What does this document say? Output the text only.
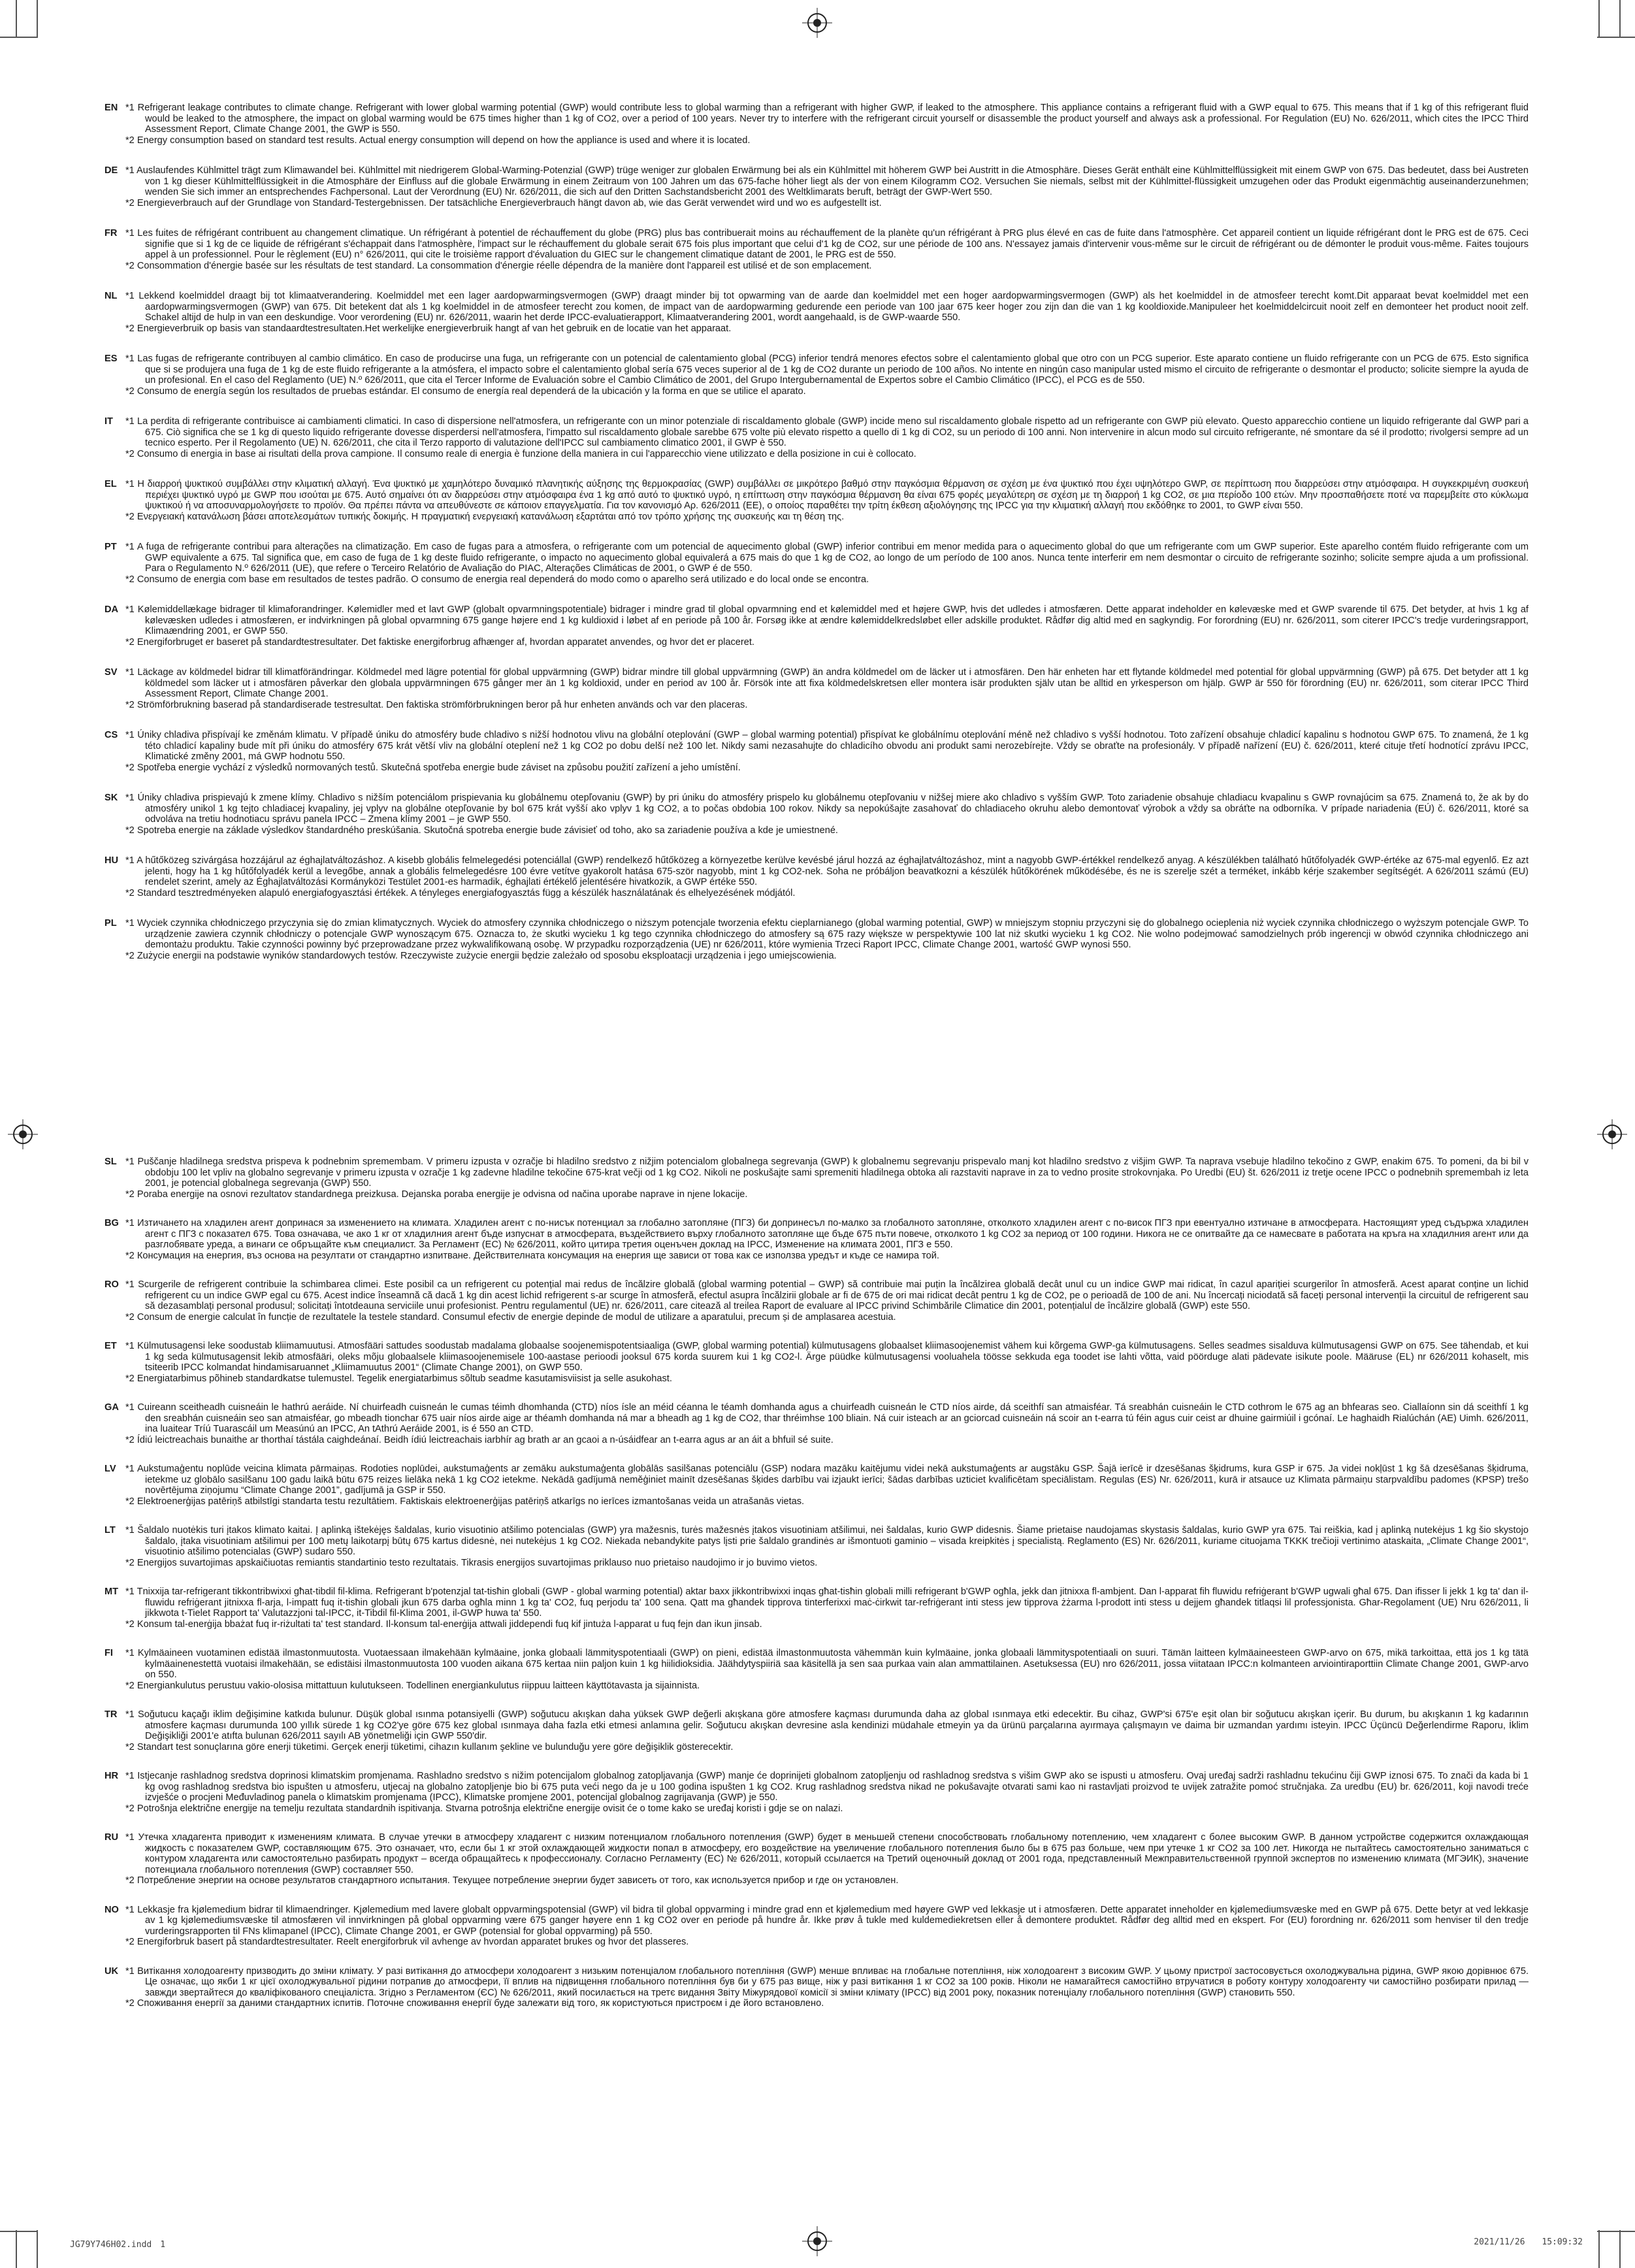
EN *1 Refrigerant leakage contributes to climate change. Refrigerant with lower global warming potential (GWP) would contribute less to global warming than a refrigerant with higher GWP, if leaked to the atmosphere. This appliance contains a refrigerant fluid with a GWP equal to 675. This means that if 1 kg of this refrigerant fluid would be leaked to the atmosphere, the impact on global warming would be 675 times higher than 1 kg of CO2, over a period of 100 years. Never try to interfere with the refrigerant circuit yourself or disassemble the product yourself and always ask a professional. For Regulation (EU) No. 626/2011, which cites the IPCC Third Assessment Report, Climate Change 2001, the GWP is 550.

*2 Energy consumption based on standard test results. Actual energy consumption will depend on how the appliance is used and where it is located.

DE *1 Auslaufendes Kühlmittel trägt zum Klimawandel bei. Kühlmittel mit niedrigerem Global-Warming-Potenzial (GWP) trüge weniger zur globalen Erwärmung bei als ein Kühlmittel mit höherem GWP bei Austritt in die Atmosphäre. Dieses Gerät enthält eine Kühlmittelflüssigkeit mit einem GWP von 675. Das bedeutet, dass bei Austreten von 1 kg dieser Kühlmittelflüssigkeit in die Atmosphäre der Einfluss auf die globale Erwärmung in einem Zeitraum von 100 Jahren um das 675-fache höher liegt als der von einem Kilogramm CO2. Versuchen Sie niemals, selbst mit der Kühlmittel-flüssigkeit umzugehen oder das Produkt eigenmächtig auseinanderzunehmen; wenden Sie sich immer an entsprechendes Fachpersonal. Laut der Verordnung (EU) Nr. 626/2011, die sich auf den Dritten Sachstandsbericht 2001 des Weltklimarats beruft, beträgt der GWP-Wert 550.

*2 Energieverbrauch auf der Grundlage von Standard-Testergebnissen. Der tatsächliche Energieverbrauch hängt davon ab, wie das Gerät verwendet wird und wo es aufgestellt ist.

FR *1 Les fuites de réfrigérant contribuent au changement climatique. Un réfrigérant à potentiel de réchauffement du globe (PRG) plus bas contribuerait moins au réchauffement de la planète qu'un réfrigérant à PRG plus élevé en cas de fuite dans l'atmosphère. Cet appareil contient un liquide réfrigérant dont le PRG est de 675. Ceci signifie que si 1 kg de ce liquide de réfrigérant s'échappait dans l'atmosphère, l'impact sur le réchauffement du globale serait 675 fois plus important que celui d'1 kg de CO2, sur une période de 100 ans. N'essayez jamais d'intervenir vous-même sur le circuit de réfrigérant ou de démonter le produit vous-même. Faites toujours appel à un professionnel. Pour le règlement (EU) n° 626/2011, qui cite le troisième rapport d'évaluation du GIEC sur le changement climatique datant de 2001, le PRG est de 550.

*2 Consommation d'énergie basée sur les résultats de test standard. La consommation d'énergie réelle dépendra de la manière dont l'appareil est utilisé et de son emplacement.

NL *1 Lekkend koelmiddel draagt bij tot klimaatverandering. Koelmiddel met een lager aardopwarmingsvermogen (GWP) draagt minder bij tot opwarming van de aarde dan koelmiddel met een hoger aardopwarmingsvermogen (GWP) als het koelmiddel in de atmosfeer terecht komt.Dit apparaat bevat koelmiddel met een aardopwarmingsvermogen (GWP) van 675. Dit betekent dat als 1 kg koelmiddel in de atmosfeer terecht zou komen, de impact van de aardopwarming gedurende een periode van 100 jaar 675 keer hoger zou zijn dan die van 1 kg kooldioxide.Manipuleer het koelmiddelcircuit nooit zelf en demonteer het product nooit zelf. Schakel altijd de hulp in van een deskundige. Voor verordening (EU) nr. 626/2011, waarin het derde IPCC-evaluatierapport, Klimaatverandering 2001, wordt aangehaald, is de GWP-waarde 550.

*2 Energieverbruik op basis van standaardtestresultaten.Het werkelijke energieverbruik hangt af van het gebruik en de locatie van het apparaat.

ES *1 Las fugas de refrigerante contribuyen al cambio climático. En caso de producirse una fuga, un refrigerante con un potencial de calentamiento global (PCG) inferior tendrá menores efectos sobre el calentamiento global que otro con un PCG superior. Este aparato contiene un fluido refrigerante con un PCG de 675. Esto significa que si se produjera una fuga de 1 kg de este fluido refrigerante a la atmósfera, el impacto sobre el calentamiento global sería 675 veces superior al de 1 kg de CO2 durante un periodo de 100 años. No intente en ningún caso manipular usted mismo el circuito de refrigerante o desmontar el producto; solicite siempre la ayuda de un profesional. En el caso del Reglamento (UE) N.º 626/2011, que cita el Tercer Informe de Evaluación sobre el Cambio Climático de 2001, del Grupo Intergubernamental de Expertos sobre el Cambio Climático (IPCC), el PCG es de 550.

*2 Consumo de energía según los resultados de pruebas estándar. El consumo de energía real dependerá de la ubicación y la forma en que se utilice el aparato.

IT	*1 La perdita di refrigerante contribuisce ai cambiamenti climatici. In caso di dispersione nell'atmosfera, un refrigerante con un minor potenziale di riscaldamento globale (GWP) incide meno sul riscaldamento globale rispetto ad un refrigerante con GWP più elevato. Questo apparecchio contiene un liquido refrigerante dal GWP pari a 675. Ciò significa che se 1 kg di questo liquido refrigerante dovesse disperdersi nell'atmosfera, l'impatto sul riscaldamento globale sarebbe 675 volte più elevato rispetto a quello di 1 kg di CO2, su un periodo di 100 anni. Non intervenire in alcun modo sul circuito refrigerante, né smontare da sé il prodotto; rivolgersi sempre ad un tecnico esperto. Per il Regolamento (UE) N. 626/2011, che cita il Terzo rapporto di valutazione dell'IPCC sul cambiamento climatico 2001, il GWP è 550.

*2 Consumo di energia in base ai risultati della prova campione. Il consumo reale di energia è funzione della maniera in cui l'apparecchio viene utilizzato e della posizione in cui è collocato.

EL *1 Η διαρροή ψυκτικού συμβάλλει στην κλιματική αλλαγή. Ένα ψυκτικό με χαμηλότερο δυναμικό πλανητικής αύξησης της θερμοκρασίας (GWP) συμβάλλει σε μικρότερο βαθμό στην παγκόσμια θέρμανση σε σχέση με ένα ψυκτικό που έχει υψηλότερο GWP, σε περίπτωση που διαρρεύσει στην ατμόσφαιρα. Η συγκεκριμένη συσκευή περιέχει ψυκτικό υγρό με GWP που ισούται με 675. Αυτό σημαίνει ότι αν διαρρεύσει στην ατμόσφαιρα ένα 1 kg από αυτό το ψυκτικό υγρό, η επίπτωση στην παγκόσμια θέρμανση θα είναι 675 φορές μεγαλύτερη σε σχέση με τη διαρροή 1 kg CO2, σε μια περίοδο 100 ετών. Μην προσπαθήσετε ποτέ να παρεμβείτε στο κύκλωμα ψυκτικού ή να αποσυναρμολογήσετε το προϊόν. Θα πρέπει πάντα να απευθύνεστε σε κάποιον επαγγελματία. Για τον κανονισμό Αρ. 626/2011 (ΕΕ), ο οποίος παραθέτει την τρίτη έκθεση αξιολόγησης της IPCC για την κλιματική αλλαγή που εκδόθηκε το 2001, το GWP είναι 550.

*2 Ενεργειακή κατανάλωση βάσει αποτελεσμάτων τυπικής δοκιμής. Η πραγματική ενεργειακή κατανάλωση εξαρτάται από τον τρόπο χρήσης της συσκευής και τη θέση της.

PT *1 A fuga de refrigerante contribui para alterações na climatização. Em caso de fugas para a atmosfera, o refrigerante com um potencial de aquecimento global (GWP) inferior contribui em menor medida para o aquecimento global do que um refrigerante com um GWP superior. Este aparelho contém fluido refrigerante com um GWP equivalente a 675. Tal significa que, em caso de fuga de 1 kg deste fluido refrigerante, o impacto no aquecimento global equivalerá a 675 mais do que 1 kg de CO2, ao longo de um período de 100 anos. Nunca tente interferir em nem desmontar o circuito de refrigerante sozinho; solicite sempre ajuda a um profissional. Para o Regulamento N.º 626/2011 (UE), que refere o Terceiro Relatório de Avaliação do PIAC, Alterações Climáticas de 2001, o GWP é de 550.

*2 Consumo de energia com base em resultados de testes padrão. O consumo de energia real dependerá do modo como o aparelho será utilizado e do local onde se encontra.

DA *1 Kølemiddellækage bidrager til klimaforandringer. Kølemidler med et lavt GWP (globalt opvarmningspotentiale) bidrager i mindre grad til global opvarmning end et kølemiddel med et højere GWP, hvis det udledes i atmosfæren. Dette apparat indeholder en kølevæske med et GWP svarende til 675. Det betyder, at hvis 1 kg af kølevæsken udledes i atmosfæren, er indvirkningen på global opvarmning 675 gange højere end 1 kg kuldioxid i løbet af en periode på 100 år. Forsøg ikke at ændre kølemiddelkredsløbet eller adskille produktet. Rådfør dig altid med en sagkyndig. For forordning (EU) nr. 626/2011, som citerer IPCC's tredje vurderingsrapport, Klimaændring 2001, er GWP 550.

*2 Energiforbruget er baseret på standardtestresultater. Det faktiske energiforbrug afhænger af, hvordan apparatet anvendes, og hvor det er placeret.

SV *1 Läckage av köldmedel bidrar till klimatförändringar. Köldmedel med lägre potential för global uppvärmning (GWP) bidrar mindre till global uppvärmning (GWP) än andra köldmedel om de läcker ut i atmosfären. Den här enheten har ett flytande köldmedel med potential för global uppvärmning (GWP) på 675. Det betyder att 1 kg köldmedel som läcker ut i atmosfären påverkar den globala uppvärmningen 675 gånger mer än 1 kg koldioxid, under en period av 100 år. Försök inte att fixa köldmedelskretsen eller montera isär produkten själv utan be alltid en yrkesperson om hjälp. GWP är 550 för förordning (EU) nr. 626/2011, som citerar IPCC Third Assessment Report, Climate Change 2001.

*2 Strömförbrukning baserad på standardiserade testresultat. Den faktiska strömförbrukningen beror på hur enheten används och var den placeras.

CS *1 Úniky chladiva přispívají ke změnám klimatu. V případě úniku do atmosféry bude chladivo s nižší hodnotou vlivu na globální oteplování (GWP – global warming potential) přispívat ke globálnímu oteplování méně než chladivo s vyšší hodnotou. Toto zařízení obsahuje chladicí kapalinu s hodnotou GWP 675. To znamená, že 1 kg této chladicí kapaliny bude mít při úniku do atmosféry 675 krát větší vliv na globální oteplení než 1 kg CO2 po dobu delší než 100 let. Nikdy sami nezasahujte do chladicího obvodu ani produkt sami nerozebírejte. Vždy se obraťte na profesionály. V případě nařízení (EU) č. 626/2011, které cituje třetí hodnotící zprávu IPCC, Klimatické změny 2001, má GWP hodnotu 550.

*2 Spotřeba energie vychází z výsledků normovaných testů. Skutečná spotřeba energie bude záviset na způsobu použití zařízení a jeho umístění.

SK *1 Úniky chladiva prispievajú k zmene klímy. Chladivo s nižším potenciálom prispievania ku globálnemu otepľovaniu (GWP) by pri úniku do atmosféry prispelo ku globálnemu otepľovaniu v nižšej miere ako chladivo s vyšším GWP. Toto zariadenie obsahuje chladiacu kvapalinu s GWP rovnajúcim sa 675. Znamená to, že ak by do atmosféry unikol 1 kg tejto chladiacej kvapaliny, jej vplyv na globálne otepľovanie by bol 675 krát vyšší ako vplyv 1 kg CO2, a to počas obdobia 100 rokov. Nikdy sa nepokúšajte zasahovať do chladiaceho okruhu alebo demontovať výrobok a vždy sa obráťte na odborníka. V prípade nariadenia (EÚ) č. 626/2011, ktoré sa odvoláva na tretiu hodnotiacu správu panela IPCC – Zmena klímy 2001 – je GWP 550.

*2 Spotreba energie na základe výsledkov štandardného preskúšania. Skutočná spotreba energie bude závisieť od toho, ako sa zariadenie používa a kde je umiestnené.

HU *1 A hűtőközeg szivárgása hozzájárul az éghajlatváltozáshoz. A kisebb globális felmelegedési potenciállal (GWP) rendelkező hűtőközeg a környezetbe kerülve kevésbé járul hozzá az éghajlatváltozáshoz, mint a nagyobb GWP-értékkel rendelkező anyag. A készülékben található hűtőfolyadék GWP-értéke az 675-mal egyenlő. Ez azt jelenti, hogy ha 1 kg hűtőfolyadék kerül a levegőbe, annak a globális felmelegedésre 100 évre vetítve gyakorolt hatása 675-ször nagyobb, mint 1 kg CO2-nek. Soha ne próbáljon beavatkozni a készülék hűtőkörének működésébe, és ne is szerelje szét a terméket, inkább kérje szakember segítségét. A 626/2011 számú (EU) rendelet szerint, amely az Éghajlatváltozási Kormányközi Testület 2001-es harmadik, éghajlati értékelő jelentésére hivatkozik, a GWP értéke 550.

*2 Standard tesztredményeken alapuló energiafogyasztási értékek. A tényleges energiafogyasztás függ a készülék használatának és elhelyezésének módjától.

PL *1 Wyciek czynnika chłodniczego przyczynia się do zmian klimatycznych. Wyciek do atmosfery czynnika chłodniczego o niższym potencjale tworzenia efektu cieplarnianego (global warming potential, GWP) w mniejszym stopniu przyczyni się do globalnego ocieplenia niż wyciek czynnika chłodniczego o wyższym potencjale GWP. To urządzenie zawiera czynnik chłodniczy o potencjale GWP wynoszącym 675. Oznacza to, że skutki wycieku 1 kg tego czynnika chłodniczego do atmosfery są 675 razy większe w perspektywie 100 lat niż skutki wycieku 1 kg CO2. Nie wolno podejmować samodzielnych prób ingerencji w obwód czynnika chłodniczego ani demontażu produktu. Takie czynności powinny być przeprowadzane przez wykwalifikowaną osobę. W przypadku rozporządzenia (UE) nr 626/2011, które wymienia Trzeci Raport IPCC, Climate Change 2001, wartość GWP wynosi 550.

*2 Zużycie energii na podstawie wyników standardowych testów. Rzeczywiste zużycie energii będzie zależało od sposobu eksploatacji urządzenia i jego umiejscowienia.

SL *1 Puščanje hladilnega sredstva prispeva k podnebnim spremembam. V primeru izpusta v ozračje bi hladilno sredstvo z nižjim potencialom globalnega segrevanja (GWP) k globalnemu segrevanju prispevalo manj kot hladilno sredstvo z višjim GWP. Ta naprava vsebuje hladilno tekočino z GWP, enakim 675. To pomeni, da bi bil v obdobju 100 let vpliv na globalno segrevanje v primeru izpusta v ozračje 1 kg zadevne hladilne tekočine 675-krat večji od 1 kg CO2. Nikoli ne poskušajte sami spremeniti hladilnega obtoka ali razstaviti naprave in za to vedno prosite strokovnjaka. Po Uredbi (EU) št. 626/2011 iz tretje ocene IPCC o podnebnih spremembah iz leta 2001, je potencial globalnega segrevanja (GWP) 550.

*2 Poraba energije na osnovi rezultatov standardnega preizkusa. Dejanska poraba energije je odvisna od načina uporabe naprave in njene lokacije.

BG *1 Изтичането на хладилен агент допринася за изменението на климата. Хладилен агент с по-нисък потенциал за глобално затопляне (ПГЗ) би допринесъл по-малко за глобалното затопляне, отколкото хладилен агент с по-висок ПГЗ при евентуално изтичане в атмосферата. Настоящият уред съдържа хладилен агент с ПГЗ с показател 675. Това означава, че ако 1 кг от хладилния агент бъде изпуснат в атмосферата, въздействието върху глобалното затопляне ще бъде 675 пъти повече, отколкото 1 kg CO2 за период от 100 години. Никога не се опитвайте да се намесвате в работата на кръга на хладилния агент или да разглобявате уреда, а винаги се обръщайте към специалист. За Регламент (ЕС) № 626/2011, който цитира третия оценъчен доклад на IPCC, Изменение на климата 2001, ПГЗ е 550.

*2 Консумация на енергия, въз основа на резултати от стандартно изпитване. Действителната консумация на енергия ще зависи от това как се използва уредът и къде се намира той.

RO *1 Scurgerile de refrigerent contribuie la schimbarea climei. Este posibil ca un refrigerent cu potențial mai redus de încălzire globală (global warming potential – GWP) să contribuie mai puțin la încălzirea globală decât unul cu un indice GWP mai ridicat, în cazul apariției scurgerilor în atmosferă. Acest aparat conține un lichid refrigerent cu un indice GWP egal cu 675. Acest indice înseamnă că dacă 1 kg din acest lichid refrigerent s-ar scurge în atmosferă, efectul asupra încălzirii globale ar fi de 675 de ori mai ridicat decât pentru 1 kg de CO2, pe o perioadă de 100 de ani. Nu încercați niciodată să faceți personal intervenții la circuitul de refrigerent sau să dezasamblați personal produsul; solicitați întotdeauna serviciile unui profesionist. Pentru regulamentul (UE) nr. 626/2011, care citează al treilea Raport de evaluare al IPCC privind Schimbările Climatice din 2001, potențialul de încălzire globală (GWP) este 550.

*2 Consum de energie calculat în funcție de rezultatele la testele standard. Consumul efectiv de energie depinde de modul de utilizare a aparatului, precum și de amplasarea acestuia.

ET *1 Külmutusagensi leke soodustab kliimamuutusi. Atmosfääri sattudes soodustab madalama globaalse soojenemispotentsiaaliga (GWP, global warming potential) külmutusagens globaalset kliimasoojenemist vähem kui kõrgema GWP-ga külmutusagens. Selles seadmes sisalduva külmutusagensi GWP on 675. See tähendab, et kui 1 kg seda külmutusagensit lekib atmosfääri, oleks mõju globaalsele kliimasoojenemisele 100-aastase perioodi jooksul 675 korda suurem kui 1 kg CO2-l. Ärge püüdke külmutusagensi vooluahela töösse sekkuda ega toodet ise lahti võtta, vaid pöörduge alati pädevate isikute poole. Määruse (EL) nr 626/2011 kohaselt, mis tsiteerib IPCC kolmandat hindamisaruannet „Kliimamuutus 2001“ (Climate Change 2001), on GWP 550.

*2 Energiatarbimus põhineb standardkatse tulemustel. Tegelik energiatarbimus sõltub seadme kasutamisviisist ja selle asukohast.

GA *1 Cuireann sceitheadh cuisneáin le hathrú aeráide. Ní chuirfeadh cuisneán le cumas téimh dhomhanda (CTD) níos ísle an méid céanna le téamh domhanda agus a chuirfeadh cuisneán le CTD níos airde, dá sceithfí san atmaisféar. Tá sreabhán cuisneáin le CTD cothrom le 675 ag an bhfearas seo. Ciallaíonn sin dá sceithfí 1 kg den sreabhán cuisneáin seo san atmaisféar, go mbeadh tionchar 675 uair níos airde aige ar théamh domhanda ná mar a bheadh ag 1 kg de CO2, thar thréimhse 100 bliain. Ná cuir isteach ar an gciorcad cuisneáin ná scoir an t-earra tú féin agus cuir ceist ar dhuine gairmiúil i gcónaí. Le haghaidh Rialúchán (AE) Uimh. 626/2011, ina luaitear Tríú Tuarascáil um Measúnú an IPCC, An tAthrú Aeráide 2001, is é 550 an CTD.

*2 Ídiú leictreachais bunaithe ar thorthaí tástála caighdeánaí. Beidh ídiú leictreachais iarbhír ag brath ar an gcaoi a n-úsáidfear an t-earra agus ar an áit a bhfuil sé suite.

LV *1 Aukstumaģentu noplūde veicina klimata pārmaiņas. Rodoties noplūdei, aukstumaģents ar zemāku aukstumaģenta globālās sasilšanas potenciālu (GSP) nodara mazāku kaitējumu videi nekā aukstumaģents ar augstāku GSP. Šajā ierīcē ir dzesēšanas šķidrums, kura GSP ir 675. Ja videi nokļūst 1 kg šā dzesēšanas šķidruma, ietekme uz globālo sasilšanu 100 gadu laikā būtu 675 reizes lielāka nekā 1 kg CO2 ietekme. Nekādā gadījumā neměģiniet mainīt dzesēšanas šķides darbību vai izjaukt ierīci; šādas darbības uzticiet kvalificētam speciālistam. Regulas (ES) Nr. 626/2011, kurā ir atsauce uz Klimata pārmaiņu starpvaldību padomes (KPSP) trešo novērtējuma ziņojumu “Climate Change 2001”, gadījumā ja GSP ir 550.

*2 Elektroenerģijas patēriņš atbilstīgi standarta testu rezultātiem. Faktiskais elektroenerģijas patēriņš atkarīgs no ierīces izmantošanas veida un atrašanās vietas.

LT	*1 Šaldalo nuotėkis turi įtakos klimato kaitai. Į aplinką ištekėjęs šaldalas, kurio visuotinio atšilimo potencialas (GWP) yra mažesnis, turės mažesnės įtakos visuotiniam atšilimui, nei šaldalas, kurio GWP didesnis. Šiame prietaise naudojamas skystasis šaldalas, kurio GWP yra 675. Tai reiškia, kad į aplinką nutekėjus 1 kg šio skystojo šaldalo, įtaka visuotiniam atšilimui per 100 metų laikotarpį būtų 675 kartus didesnė, nei nutekėjus 1 kg CO2. Niekada nebandykite patys lįsti prie šaldalo grandinės ar išmontuoti gaminio – visada kreipkitės į specialistą. Reglamento (ES) Nr. 626/2011, kuriame cituojama TKKK trečioji vertinimo ataskaita, „Climate Change 2001“, visuotinio atšilimo potencialas (GWP) sudaro 550.

*2 Energijos suvartojimas apskaičiuotas remiantis standartinio testo rezultatais. Tikrasis energijos suvartojimas priklauso nuo prietaiso naudojimo ir jo buvimo vietos.

MT *1 Tnixxija tar-refrigerant tikkontribwixxi għat-tibdil fil-klima. Refrigerant b'potenzjal tat-tisħin globali (GWP - global warming potential) aktar baxx jikkontribwixxi inqas għat-tisħin globali milli refrigerant b'GWP ogħla, jekk dan jitnixxa fl-ambjent. Dan l-apparat fih fluwidu refriġerant b'GWP ugwali għal 675. Dan ifisser li jekk 1 kg ta' dan il-fluwidu refriġerant jitnixxa fl-arja, l-impatt fuq it-tisħin globali jkun 675 darba ogħla minn 1 kg ta' CO2, fuq perjodu ta' 100 sena. Qatt ma għandek tipprova tinterferixxi maċ-ċirkwit tar-refriġerant inti stess jew tipprova żżarma l-prodott inti stess u dejjem għandek titlaqsi lil professjonista. Għar-Regolament (UE) Nru 626/2011, li jikkwota t-Tielet Rapport ta' Valutazzjoni tal-IPCC, it-Tibdil fil-Klima 2001, il-GWP huwa ta' 550.

*2 Konsum tal-enerġija bbażat fuq ir-riżultati ta' test standard. Il-konsum tal-enerġija attwali jiddependi fuq kif jintuża l-apparat u fuq fejn dan ikun jinsab.

FI	*1 Kylmäaineen vuotaminen edistää ilmastonmuutosta. Vuotaessaan ilmakehään kylmäaine, jonka globaali lämmityspotentiaali (GWP) on pieni, edistää ilmastonmuutosta vähemmän kuin kylmäaine, jonka globaali lämmityspotentiaali on suuri. Tämän laitteen kylmäaineesteen GWP-arvo on 675, mikä tarkoittaa, että jos 1 kg tätä kylmäainenestettä vuotaisi ilmakehään, se edistäisi ilmastonmuutosta 100 vuoden aikana 675 kertaa niin paljon kuin 1 kg hiilidioksidia. Jäähdytyspiiriä saa käsitellä ja sen saa purkaa vain alan ammattilainen. Asetuksessa (EU) nro 626/2011, jossa viitataan IPCC:n kolmanteen arviointiraporttiin Climate Change 2001, GWP-arvo on 550.

*2 Energiankulutus perustuu vakio-olosisa mittattuun kulutukseen. Todellinen energiankulutus riippuu laitteen käyttötavasta ja sijainnista.

TR *1 Soğutucu kaçağı iklim değişimine katkıda bulunur. Düşük global ısınma potansiyelli (GWP) soğutucu akışkan daha yüksek GWP değerli akışkana göre atmosfere kaçması durumunda daha az global ısınmaya etki edecektir. Bu cihaz, GWP'si 675'e eşit olan bir soğutucu akışkan içerir. Bu durum, bu akışkanın 1 kg kadarının atmosfere kaçması durumunda 100 yıllık sürede 1 kg CO2'ye göre 675 kez global ısınmaya daha fazla etki etmesi anlamına gelir. Soğutucu akışkan devresine asla kendinizi müdahale etmeyin ya da ürünü parçalarına ayırmaya çalışmayın ve daima bir uzmandan yardımı isteyin. IPCC Üçüncü Değerlendirme Raporu, İklim Değişikliği 2001'e atıfta bulunan 626/2011 sayılı AB yönetmeliği için GWP 550'dir.

*2 Standart test sonuçlarına göre enerji tüketimi. Gerçek enerji tüketimi, cihazın kullanım şekline ve bulunduğu yere göre değişiklik gösterecektir.

HR *1 Istjecanje rashladnog sredstva doprinosi klimatskim promjenama. Rashladno sredstvo s nižim potencijalom globalnog zatopljavanja (GWP) manje će doprinijeti globalnom zatopljenju od rashladnog sredstva s višim GWP ako se ispusti u atmosferu. Ovaj uređaj sadrži rashladnu tekućinu čiji GWP iznosi 675. To znači da kada bi 1 kg ovog rashladnog sredstva bio ispušten u atmosferu, utjecaj na globalno zatopljenje bio bi 675 puta veći nego da je u 100 godina ispušten 1 kg CO2. Krug rashladnog sredstva nikad ne pokušavajte otvarati sami kao ni rastavljati proizvod te uvijek zatražite pomoć stručnjaka. Za uredbu (EU) br. 626/2011, koji navodi treće izvješće o procjeni Međuvladinog panela o klimatskim promjenama (IPCC), Klimatske promjene 2001, potencijal globalnog zagrijavanja (GWP) je 550.

*2 Potrošnja električne energije na temelju rezultata standardnih ispitivanja. Stvarna potrošnja električne energije ovisit će o tome kako se uređaj koristi i gdje se on nalazi.

RU *1 Утечка хладагента приводит к изменениям климата. В случае утечки в атмосферу хладагент с низким потенциалом глобального потепления (GWP) будет в меньшей степени способствовать глобальному потеплению, чем хладагент с более высоким GWP. В данном устройстве содержится охлаждающая жидкость с показателем GWP, составляющим 675. Это означает, что, если бы 1 кг этой охлаждающей жидкости попал в атмосферу, его воздействие на увеличение глобального потепления было бы в 675 раз больше, чем при утечке 1 кг CO2 за 100 лет. Никогда не пытайтесь самостоятельно заниматься с контуром хладагента или самостоятельно разбирать продукт – всегда обращайтесь к профессионалу. Согласно Регламенту (ЕС) № 626/2011, который ссылается на Третий оценочный доклад от 2001 года, представленный Межправительственной группой экспертов по изменению климата (МГЭИК), значение потенциала глобального потепления (GWP) составляет 550.

*2 Потребление энергии на основе результатов стандартного испытания. Текущее потребление энергии будет зависеть от того, как используется прибор и где он установлен.

NO *1 Lekkasje fra kjølemedium bidrar til klimaendringer. Kjølemedium med lavere globalt oppvarmingspotensial (GWP) vil bidra til global oppvarming i mindre grad enn et kjølemedium med høyere GWP ved lekkasje ut i atmosfæren. Dette apparatet inneholder en kjølemediumsvæske med en GWP på 675. Dette betyr at ved lekkasje av 1 kg kjølemediumsvæske til atmosfæren vil innvirkningen på global oppvarming være 675 ganger høyere enn 1 kg CO2 over en periode på hundre år. Ikke prøv å tukle med kuldemediekretsen eller å demontere produktet. Rådfør deg alltid med en ekspert. For (EU) forordning nr. 626/2011 som henviser til den tredje vurderingsrapporten til FNs klimapanel (IPCC), Climate Change 2001, er GWP (potensial for global oppvarming) på 550.

*2 Energiforbruk basert på standardtestresultater. Reelt energiforbruk vil avhenge av hvordan apparatet brukes og hvor det plasseres.

UK *1 Витікання холодоагенту призводить до зміни клімату. У разі витікання до атмосфери холодоагент з низьким потенціалом глобального потепління (GWP) менше впливає на глобальне потепління, ніж холодоагент з високим GWP. У цьому пристрої застосовується охолоджувальна рідина, GWP якою дорівнює 675. Це означає, що якби 1 кг цієї охолоджувальної рідини потрапив до атмосфери, її вплив на підвищення глобального потепління був би у 675 раз вище, ніж у разі витікання 1 кг CO2 за 100 років. Ніколи не намагайтеся самостійно втручатися в роботу контуру холодоагенту чи самостійно розбирати прилад — завжди звертайтеся до кваліфікованого спеціаліста. Згідно з Регламентом (ЄС) № 626/2011, який посилається на третє видання Звіту Міжурядової комісії зі зміни клімату (IPCC) від 2001 року, показник потенціалу глобального потепління (GWP) становить 550.

*2 Споживання енергії за даними стандартних іспитів. Поточне споживання енергії буде залежати від того, як користуються пристроєм і де його встановлено.

JG79Y746H02.indd　1	2021/11/26 15:09:32
